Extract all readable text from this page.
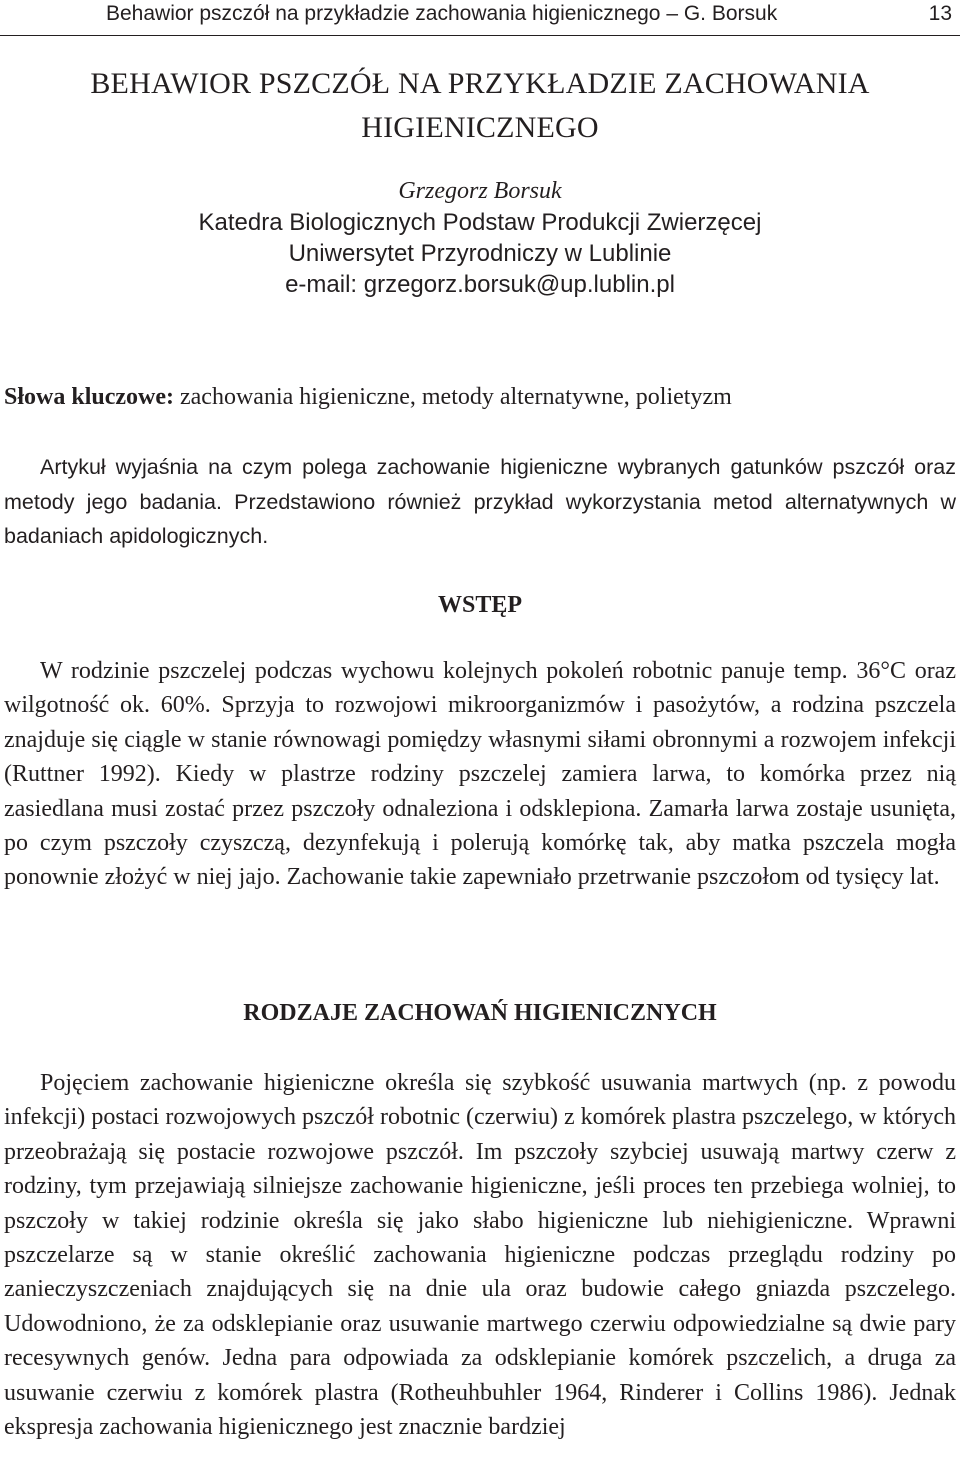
Behawior pszczół na przykładzie zachowania higienicznego – G. Borsuk	13
BEHAWIOR PSZCZÓŁ NA PRZYKŁADZIE ZACHOWANIA HIGIENICZNEGO
Grzegorz Borsuk
Katedra Biologicznych Podstaw Produkcji Zwierzęcej
Uniwersytet Przyrodniczy w Lublinie
e-mail: grzegorz.borsuk@up.lublin.pl
Słowa kluczowe: zachowania higieniczne, metody alternatywne, polietyzm

Artykuł wyjaśnia na czym polega zachowanie higieniczne wybranych gatunków pszczół oraz metody jego badania. Przedstawiono również przykład wykorzystania metod alternatywnych w badaniach apidologicznych.

WSTĘP

W rodzinie pszczelej podczas wychowu kolejnych pokoleń robotnic panuje temp. 36°C oraz wilgotność ok. 60%. Sprzyja to rozwojowi mikroorganizmów i pasożytów, a rodzina pszczela znajduje się ciągle w stanie równowagi pomiędzy własnymi siłami obronnymi a rozwojem infekcji (Ruttner 1992). Kiedy w plastrze rodziny pszczelej zamiera larwa, to komórka przez nią zasiedlana musi zostać przez pszczoły odnaleziona i odsklepiona. Zamarła larwa zostaje usunięta, po czym pszczoły czyszczą, dezynfekują i polerują komórkę tak, aby matka pszczela mogła ponownie złożyć w niej jajo. Zachowanie takie zapewniało przetrwanie pszczołom od tysięcy lat.

RODZAJE ZACHOWAŃ HIGIENICZNYCH

Pojęciem zachowanie higieniczne określa się szybkość usuwania martwych (np. z powodu infekcji) postaci rozwojowych pszczół robotnic (czerwiu) z komórek plastra pszczelego, w których przeobrażają się postacie rozwojowe pszczół. Im pszczoły szybciej usuwają martwy czerw z rodziny, tym przejawiają silniejsze zachowanie higieniczne, jeśli proces ten przebiega wolniej, to pszczoły w takiej rodzinie określa się jako słabo higieniczne lub niehigieniczne. Wprawni pszczelarze są w stanie określić zachowania higieniczne podczas przeglądu rodziny po zanieczyszczeniach znajdujących się na dnie ula oraz budowie całego gniazda pszczelego. Udowodniono, że za odsklepianie oraz usuwanie martwego czerwiu odpowiedzialne są dwie pary recesywnych genów. Jedna para odpowiada za odsklepianie komórek pszczelich, a druga za usuwanie czerwiu z komórek plastra (Rotheuhbuhler 1964, Rinderer i Collins 1986). Jednak ekspresja zachowania higienicznego jest znacznie bardziej
